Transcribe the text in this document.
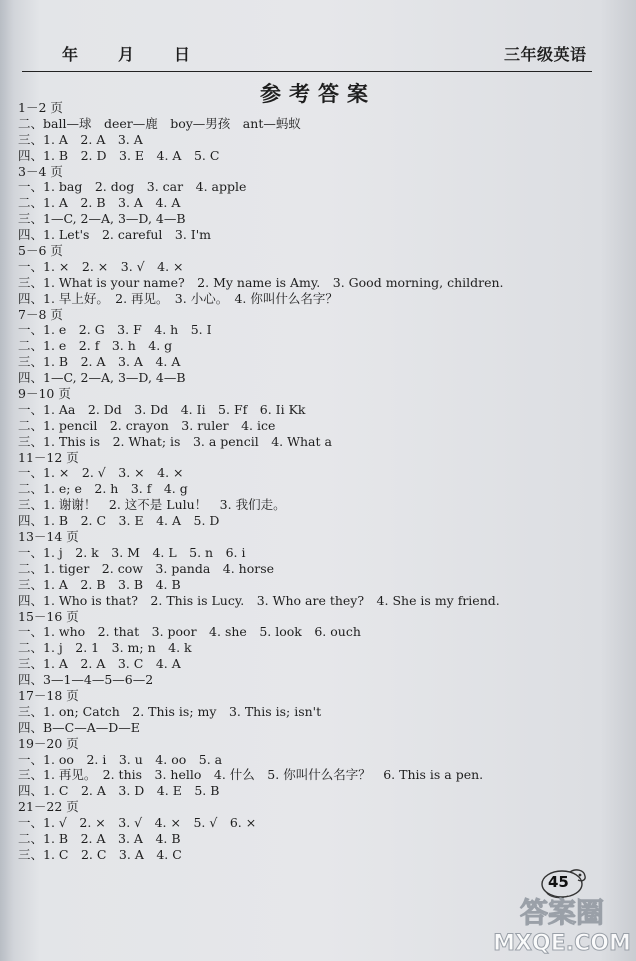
年 月 日	三年级英语
参考答案
1－2 页
二、ball—球　deer—鹿　boy—男孩　ant—蚂蚁
三、1. A　2. A　3. A
四、1. B　2. D　3. E　4. A　5. C
3－4 页
一、1. bag　2. dog　3. car　4. apple
二、1. A　2. B　3. A　4. A
三、1—C, 2—A, 3—D, 4—B
四、1. Let's　2. careful　3. I'm
5－6 页
一、1. ×　2. ×　3. √　4. ×
三、1. What is your name?　2. My name is Amy.　3. Good morning, children.
四、1. 早上好。　2. 再见。　3. 小心。　4. 你叫什么名字？
7－8 页
一、1. e　2. G　3. F　4. h　5. I
二、1. e　2. f　3. h　4. g
三、1. B　2. A　3. A　4. A
四、1—C, 2—A, 3—D, 4—B
9－10 页
一、1. Aa　2. Dd　3. Dd　4. Ii　5. Ff　6. Ii Kk
二、1. pencil　2. crayon　3. ruler　4. ice
三、1. This is　2. What; is　3. a pencil　4. What a
11－12 页
一、1. ×　2. √　3. ×　4. ×
二、1. e; e　2. h　3. f　4. g
三、1. 谢谢！　2. 这不是 Lulu！　3. 我们走。
四、1. B　2. C　3. E　4. A　5. D
13－14 页
一、1. j　2. k　3. M　4. L　5. n　6. i
二、1. tiger　2. cow　3. panda　4. horse
三、1. A　2. B　3. B　4. B
四、1. Who is that?　2. This is Lucy.　3. Who are they?　4. She is my friend.
15－16 页
一、1. who　2. that　3. poor　4. she　5. look　6. ouch
二、1. j　2. 1　3. m; n　4. k
三、1. A　2. A　3. C　4. A
四、3—1—4—5—6—2
17－18 页
三、1. on; Catch　2. This is; my　3. This is; isn't
四、B—C—A—D—E
19－20 页
一、1. oo　2. i　3. u　4. oo　5. a
三、1. 再见。　2. this　3. hello　4. 什么　5. 你叫什么名字？　6. This is a pen.
四、1. C　2. A　3. D　4. E　5. B
21－22 页
一、1. √　2. ×　3. √　4. ×　5. √　6. ×
二、1. B　2. A　3. A　4. B
三、1. C　2. C　3. A　4. C
45
答案圈
MXQE.COM
